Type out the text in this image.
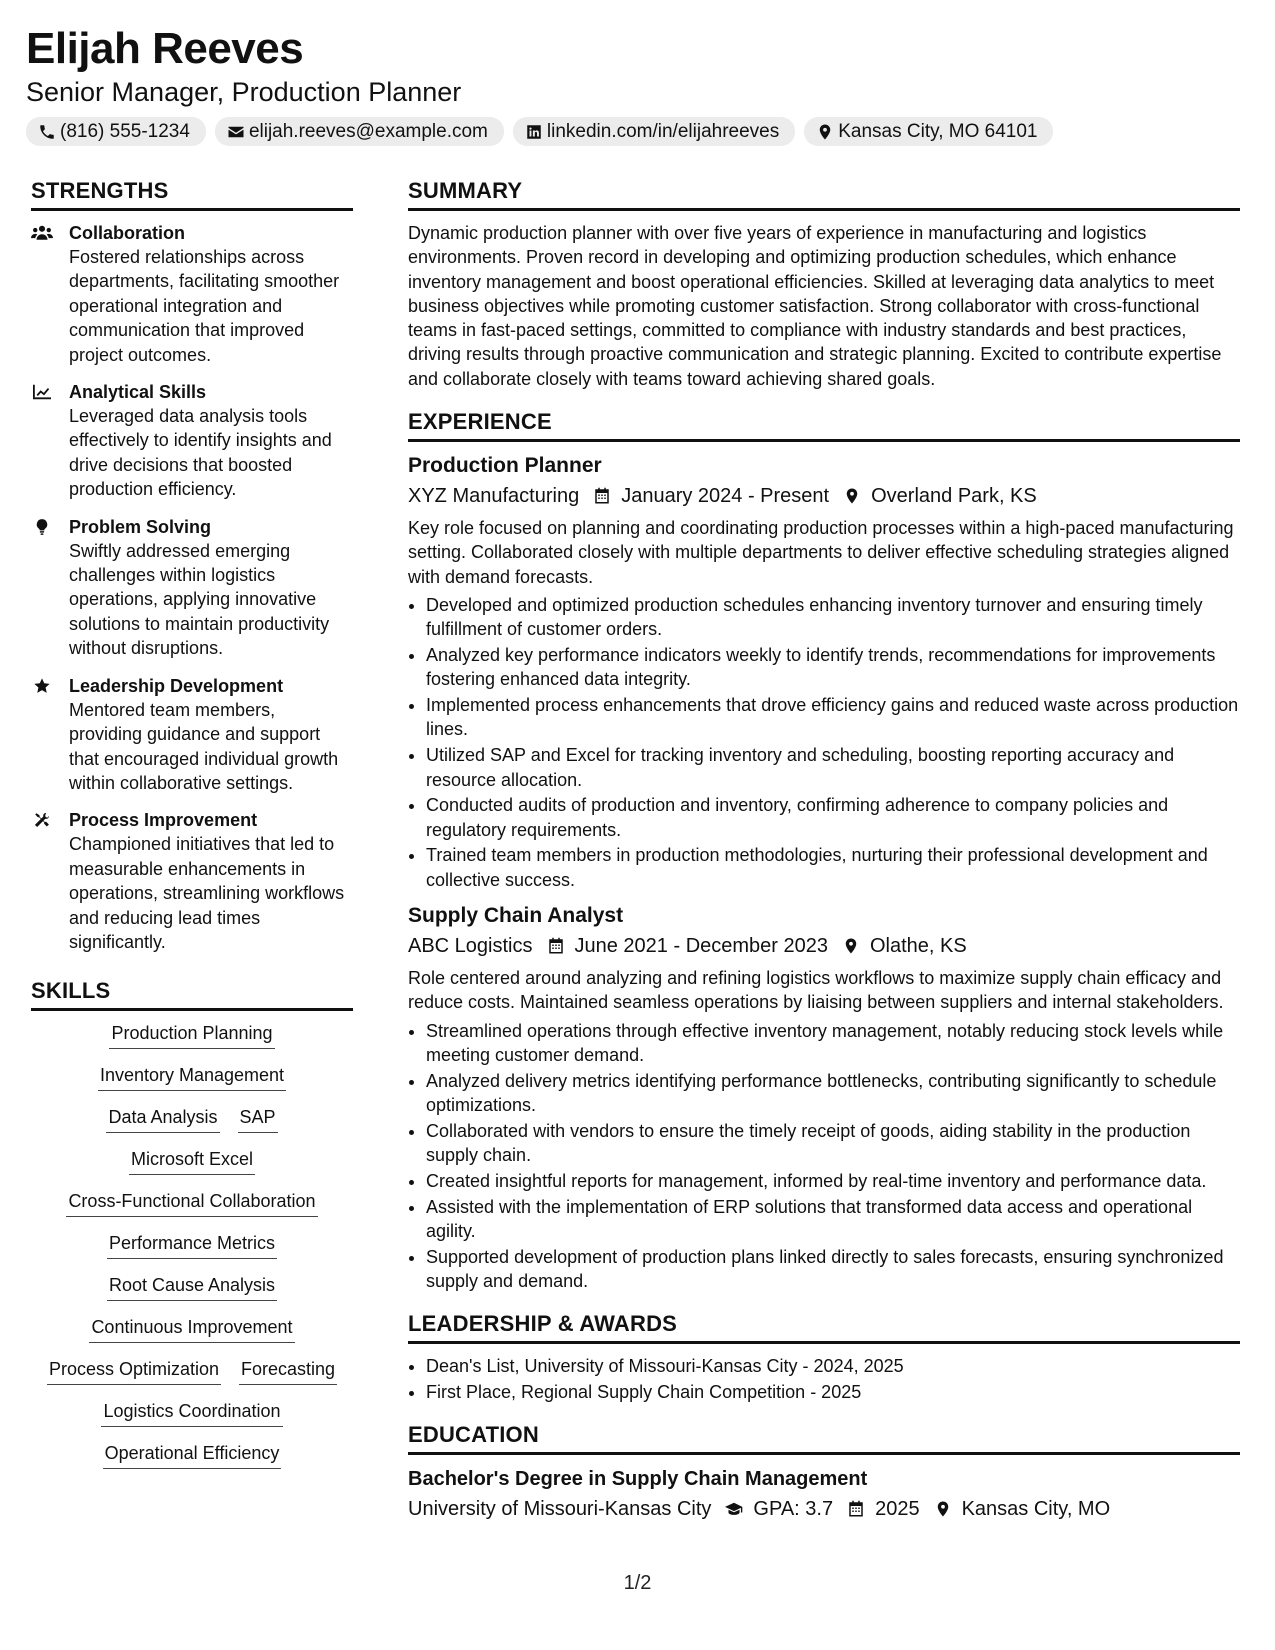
Elijah Reeves
Senior Manager, Production Planner
(816) 555-1234	elijah.reeves@example.com	linkedin.com/in/elijahreeves	Kansas City, MO 64101
STRENGTHS
Collaboration
Fostered relationships across departments, facilitating smoother operational integration and communication that improved project outcomes.
Analytical Skills
Leveraged data analysis tools effectively to identify insights and drive decisions that boosted production efficiency.
Problem Solving
Swiftly addressed emerging challenges within logistics operations, applying innovative solutions to maintain productivity without disruptions.
Leadership Development
Mentored team members, providing guidance and support that encouraged individual growth within collaborative settings.
Process Improvement
Championed initiatives that led to measurable enhancements in operations, streamlining workflows and reducing lead times significantly.
SKILLS
Production Planning
Inventory Management
Data Analysis SAP
Microsoft Excel
Cross-Functional Collaboration
Performance Metrics
Root Cause Analysis
Continuous Improvement
Process Optimization Forecasting
Logistics Coordination
Operational Efficiency
SUMMARY
Dynamic production planner with over five years of experience in manufacturing and logistics environments. Proven record in developing and optimizing production schedules, which enhance inventory management and boost operational efficiencies. Skilled at leveraging data analytics to meet business objectives while promoting customer satisfaction. Strong collaborator with cross-functional teams in fast-paced settings, committed to compliance with industry standards and best practices, driving results through proactive communication and strategic planning. Excited to contribute expertise and collaborate closely with teams toward achieving shared goals.
EXPERIENCE
Production Planner
XYZ Manufacturing January 2024 - Present Overland Park, KS
Key role focused on planning and coordinating production processes within a high-paced manufacturing setting. Collaborated closely with multiple departments to deliver effective scheduling strategies aligned with demand forecasts.
• Developed and optimized production schedules enhancing inventory turnover and ensuring timely fulfillment of customer orders.
• Analyzed key performance indicators weekly to identify trends, recommendations for improvements fostering enhanced data integrity.
• Implemented process enhancements that drove efficiency gains and reduced waste across production lines.
• Utilized SAP and Excel for tracking inventory and scheduling, boosting reporting accuracy and resource allocation.
• Conducted audits of production and inventory, confirming adherence to company policies and regulatory requirements.
• Trained team members in production methodologies, nurturing their professional development and collective success.
Supply Chain Analyst
ABC Logistics June 2021 - December 2023 Olathe, KS
Role centered around analyzing and refining logistics workflows to maximize supply chain efficacy and reduce costs. Maintained seamless operations by liaising between suppliers and internal stakeholders.
• Streamlined operations through effective inventory management, notably reducing stock levels while meeting customer demand.
• Analyzed delivery metrics identifying performance bottlenecks, contributing significantly to schedule optimizations.
• Collaborated with vendors to ensure the timely receipt of goods, aiding stability in the production supply chain.
• Created insightful reports for management, informed by real-time inventory and performance data.
• Assisted with the implementation of ERP solutions that transformed data access and operational agility.
• Supported development of production plans linked directly to sales forecasts, ensuring synchronized supply and demand.
LEADERSHIP & AWARDS
• Dean's List, University of Missouri-Kansas City - 2024, 2025
• First Place, Regional Supply Chain Competition - 2025
EDUCATION
Bachelor's Degree in Supply Chain Management
University of Missouri-Kansas City GPA: 3.7 2025 Kansas City, MO
1/2
